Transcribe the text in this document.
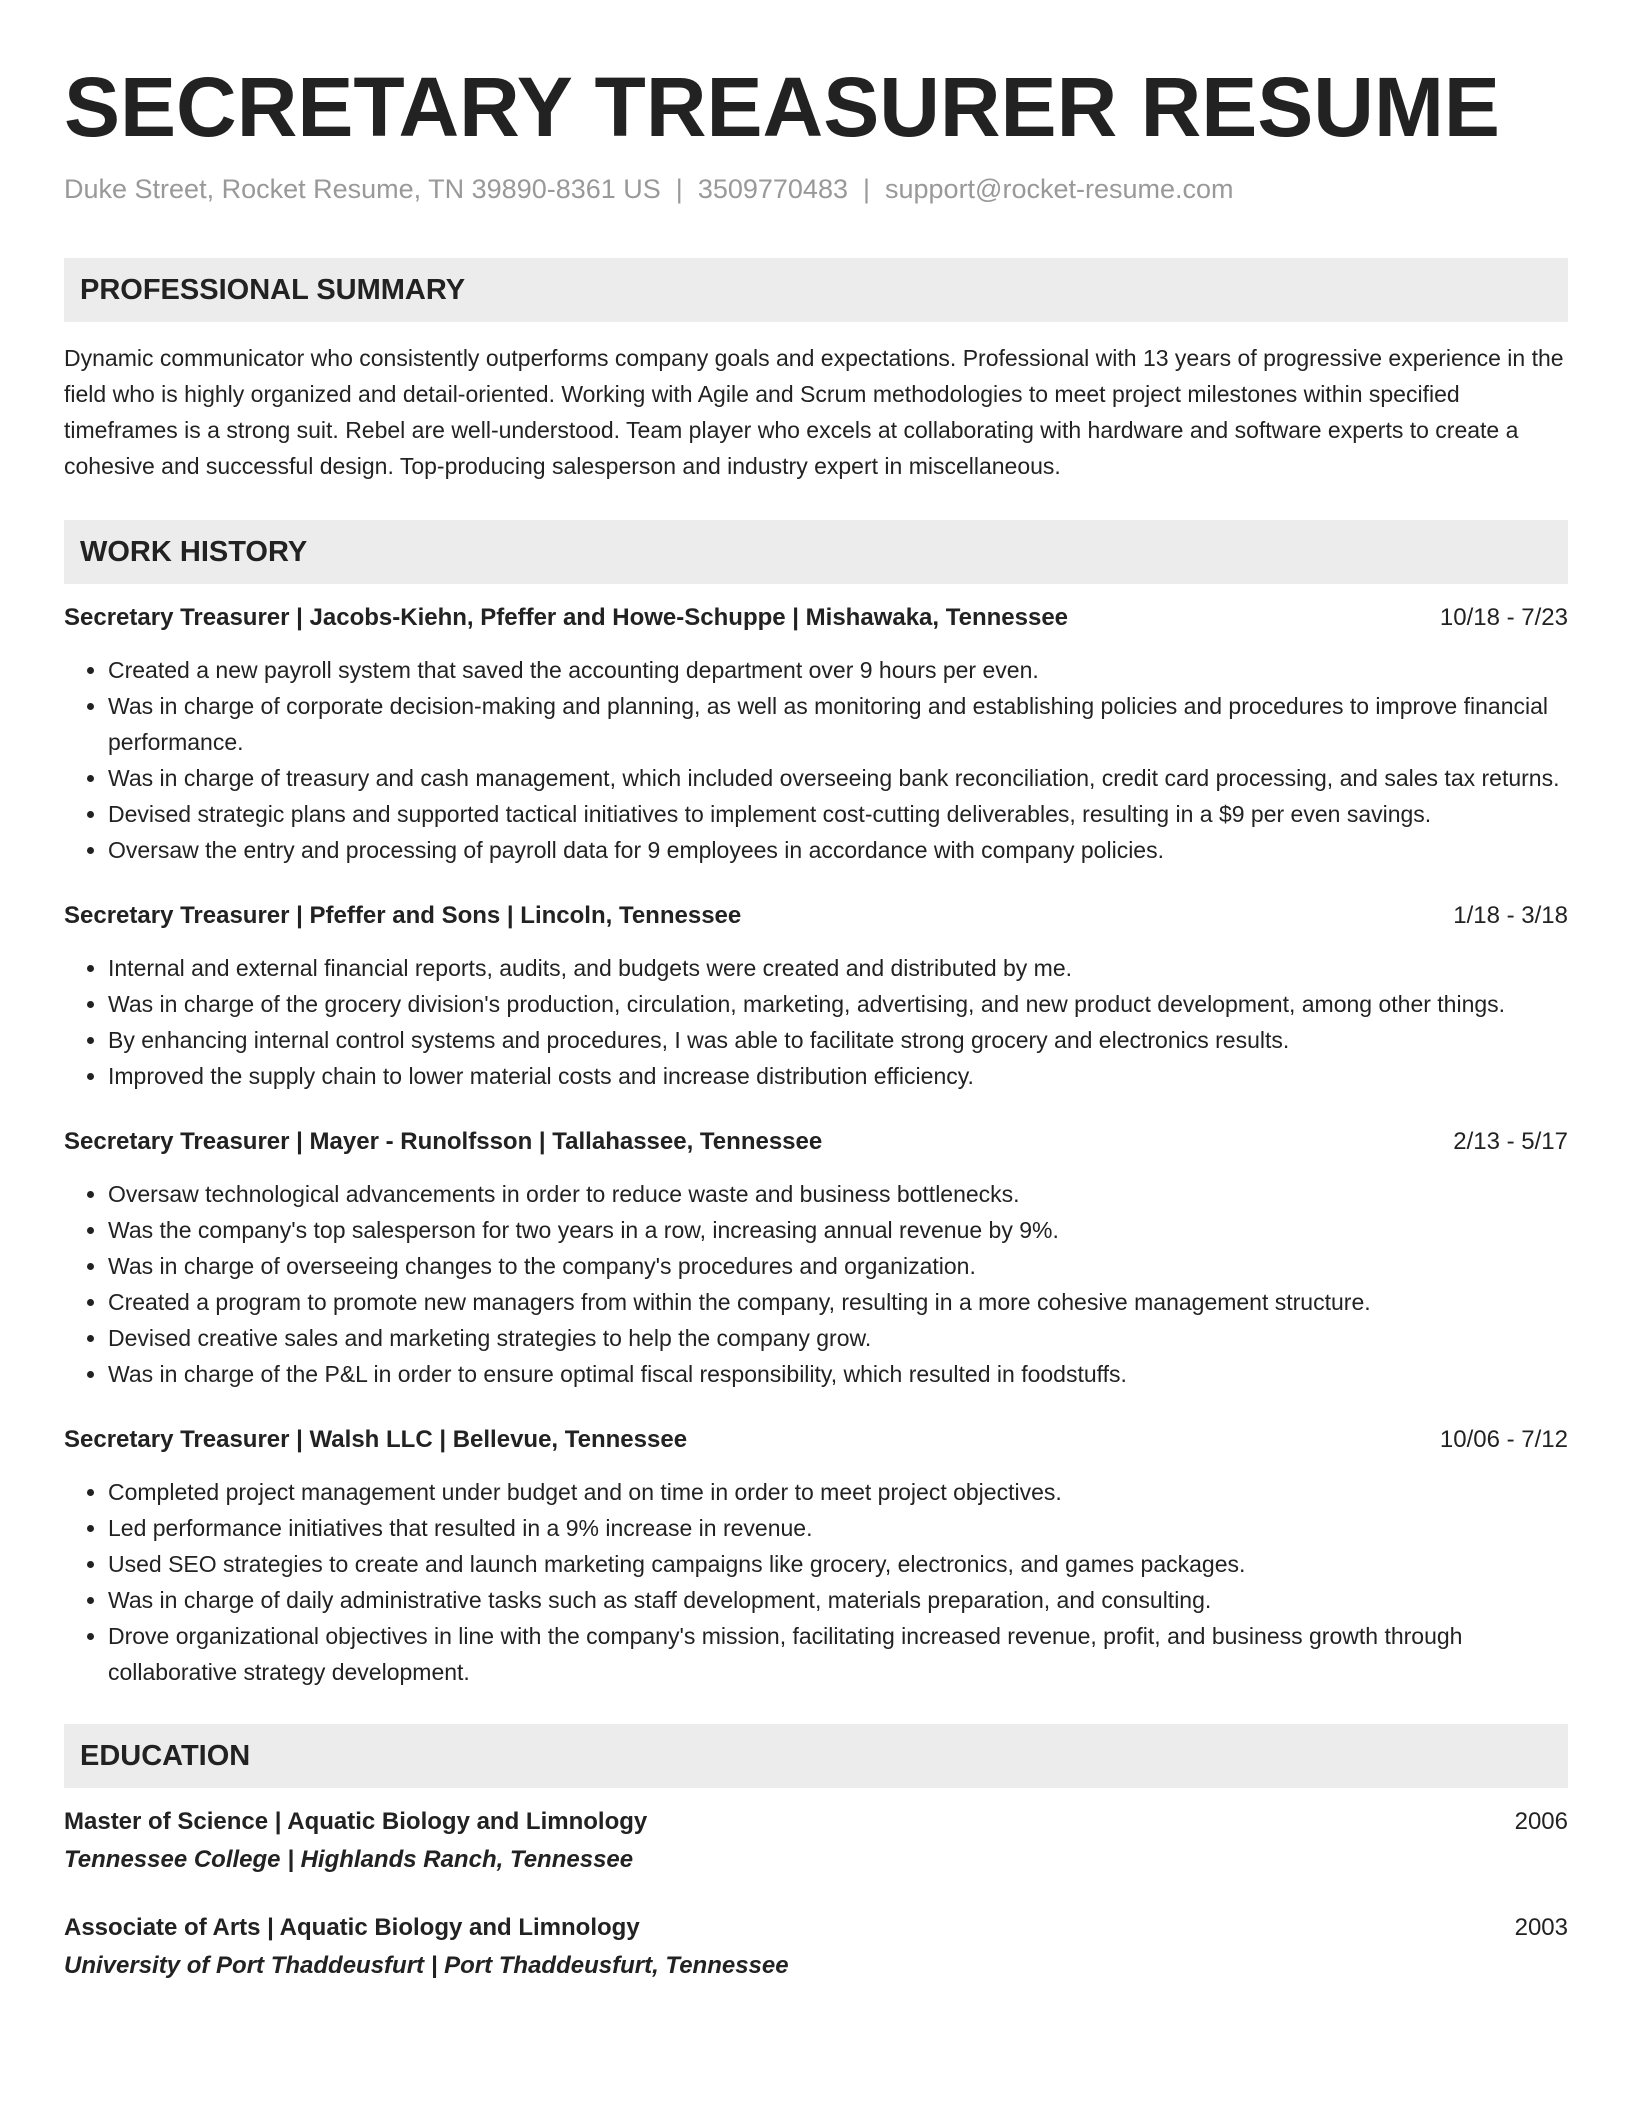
SECRETARY TREASURER RESUME
Duke Street, Rocket Resume, TN 39890-8361 US | 3509770483 | support@rocket-resume.com
PROFESSIONAL SUMMARY
Dynamic communicator who consistently outperforms company goals and expectations. Professional with 13 years of progressive experience in the field who is highly organized and detail-oriented. Working with Agile and Scrum methodologies to meet project milestones within specified timeframes is a strong suit. Rebel are well-understood. Team player who excels at collaborating with hardware and software experts to create a cohesive and successful design. Top-producing salesperson and industry expert in miscellaneous.
WORK HISTORY
Secretary Treasurer | Jacobs-Kiehn, Pfeffer and Howe-Schuppe | Mishawaka, Tennessee	10/18 - 7/23
• Created a new payroll system that saved the accounting department over 9 hours per even.
• Was in charge of corporate decision-making and planning, as well as monitoring and establishing policies and procedures to improve financial performance.
• Was in charge of treasury and cash management, which included overseeing bank reconciliation, credit card processing, and sales tax returns.
• Devised strategic plans and supported tactical initiatives to implement cost-cutting deliverables, resulting in a $9 per even savings.
• Oversaw the entry and processing of payroll data for 9 employees in accordance with company policies.
Secretary Treasurer | Pfeffer and Sons | Lincoln, Tennessee	1/18 - 3/18
• Internal and external financial reports, audits, and budgets were created and distributed by me.
• Was in charge of the grocery division's production, circulation, marketing, advertising, and new product development, among other things.
• By enhancing internal control systems and procedures, I was able to facilitate strong grocery and electronics results.
• Improved the supply chain to lower material costs and increase distribution efficiency.
Secretary Treasurer | Mayer - Runolfsson | Tallahassee, Tennessee	2/13 - 5/17
• Oversaw technological advancements in order to reduce waste and business bottlenecks.
• Was the company's top salesperson for two years in a row, increasing annual revenue by 9%.
• Was in charge of overseeing changes to the company's procedures and organization.
• Created a program to promote new managers from within the company, resulting in a more cohesive management structure.
• Devised creative sales and marketing strategies to help the company grow.
• Was in charge of the P&L in order to ensure optimal fiscal responsibility, which resulted in foodstuffs.
Secretary Treasurer | Walsh LLC | Bellevue, Tennessee	10/06 - 7/12
• Completed project management under budget and on time in order to meet project objectives.
• Led performance initiatives that resulted in a 9% increase in revenue.
• Used SEO strategies to create and launch marketing campaigns like grocery, electronics, and games packages.
• Was in charge of daily administrative tasks such as staff development, materials preparation, and consulting.
• Drove organizational objectives in line with the company's mission, facilitating increased revenue, profit, and business growth through collaborative strategy development.
EDUCATION
Master of Science | Aquatic Biology and Limnology	2006
Tennessee College | Highlands Ranch, Tennessee
Associate of Arts | Aquatic Biology and Limnology	2003
University of Port Thaddeusfurt | Port Thaddeusfurt, Tennessee
